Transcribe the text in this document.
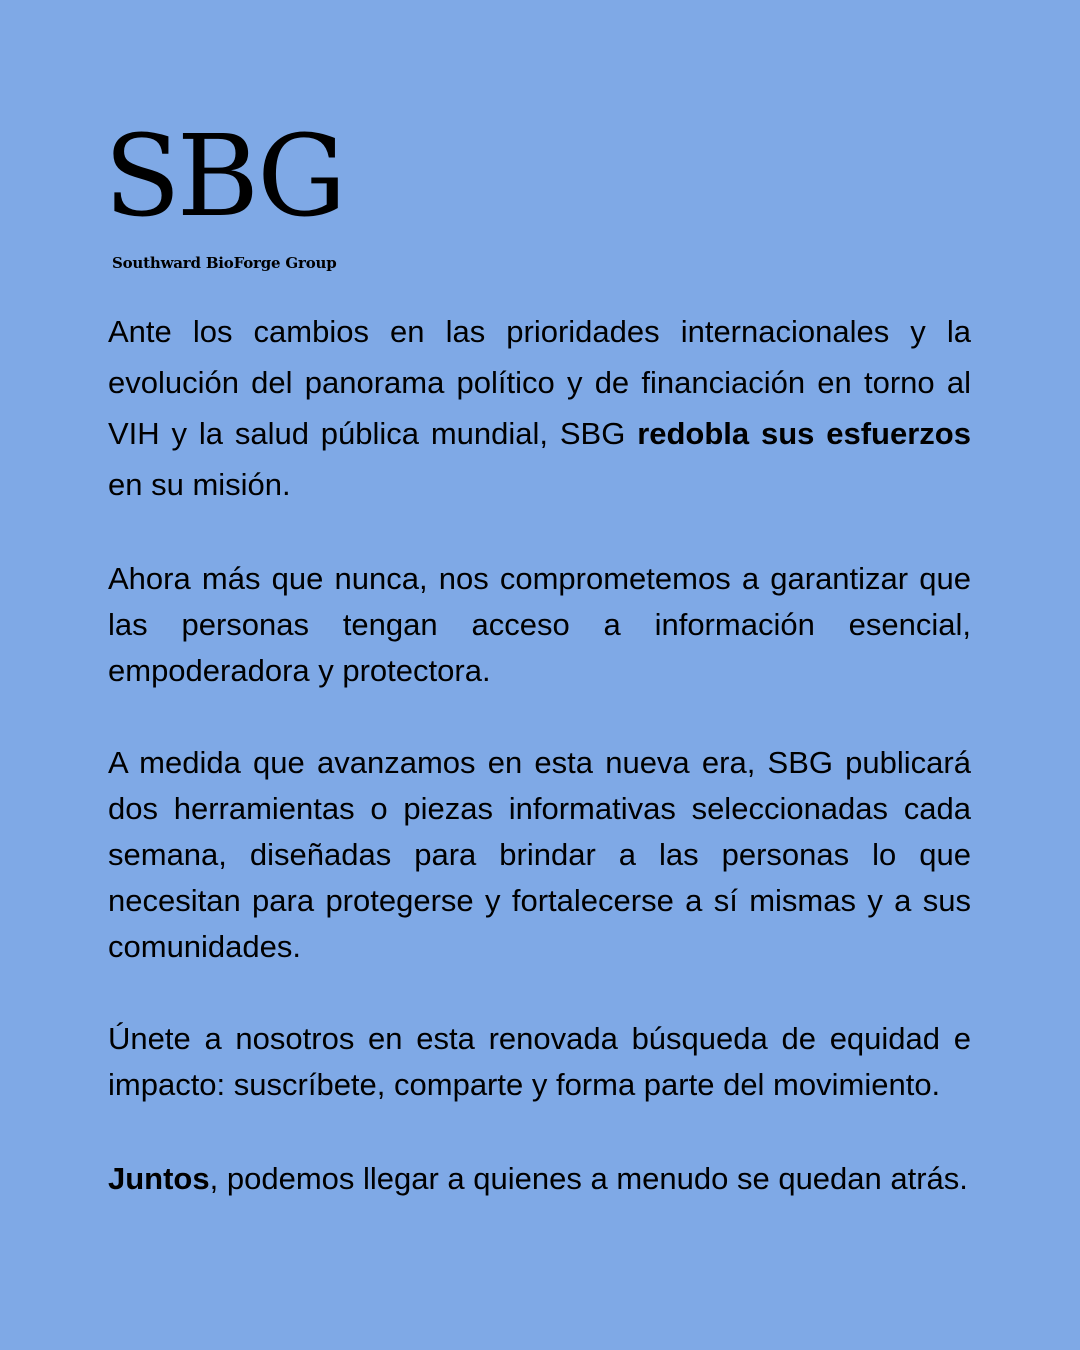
SBG
Southward BioForge Group

Ante los cambios en las prioridades internacionales y la evolución del panorama político y de financiación en torno al VIH y la salud pública mundial, SBG redobla sus esfuerzos en su misión.

Ahora más que nunca, nos comprometemos a garantizar que las personas tengan acceso a información esencial, empoderadora y protectora.

A medida que avanzamos en esta nueva era, SBG publicará dos herramientas o piezas informativas seleccionadas cada semana, diseñadas para brindar a las personas lo que necesitan para protegerse y fortalecerse a sí mismas y a sus comunidades.

Únete a nosotros en esta renovada búsqueda de equidad e impacto: suscríbete, comparte y forma parte del movimiento.

Juntos, podemos llegar a quienes a menudo se quedan atrás.
